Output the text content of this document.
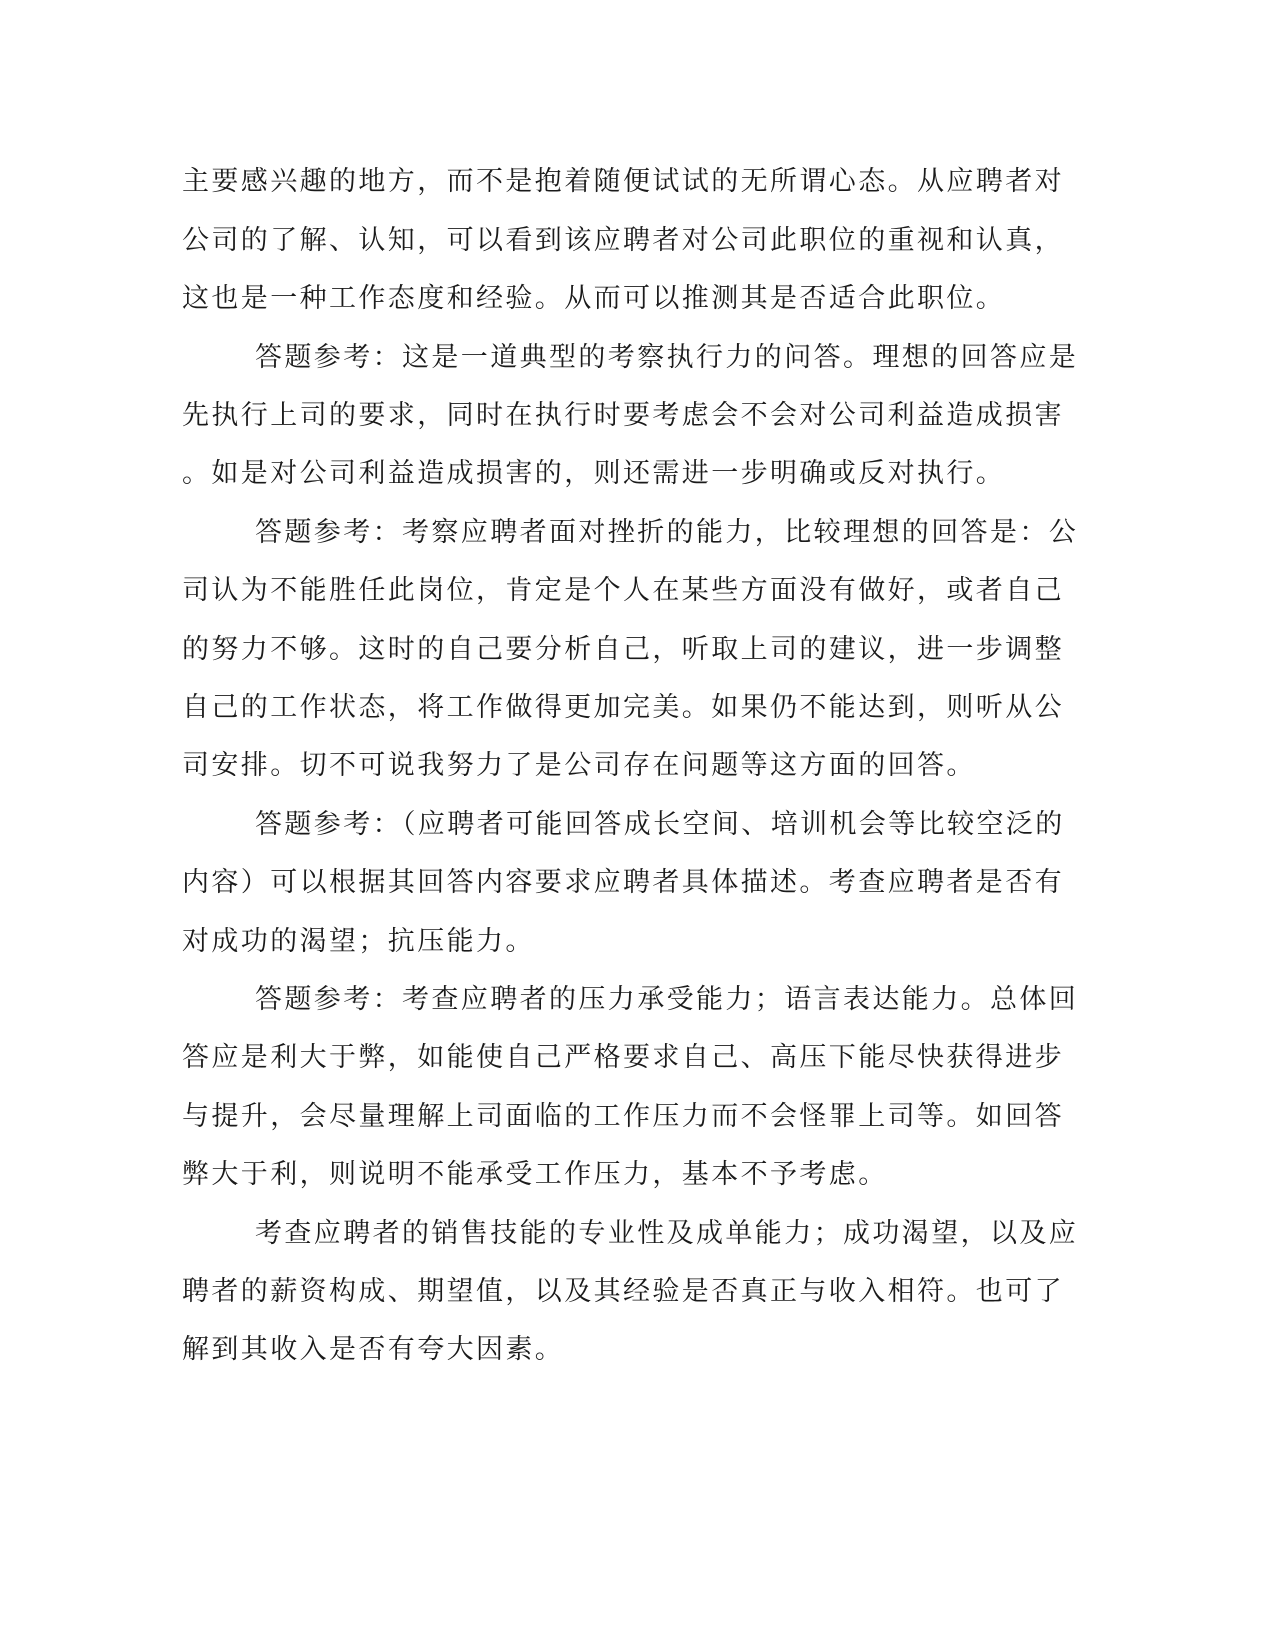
主要感兴趣的地方，而不是抱着随便试试的无所谓心态。从应聘者对
公司的了解、认知，可以看到该应聘者对公司此职位的重视和认真，
这也是一种工作态度和经验。从而可以推测其是否适合此职位。
答题参考：这是一道典型的考察执行力的问答。理想的回答应是
先执行上司的要求，同时在执行时要考虑会不会对公司利益造成损害
。如是对公司利益造成损害的，则还需进一步明确或反对执行。
答题参考：考察应聘者面对挫折的能力，比较理想的回答是：公
司认为不能胜任此岗位，肯定是个人在某些方面没有做好，或者自己
的努力不够。这时的自己要分析自己，听取上司的建议，进一步调整
自己的工作状态，将工作做得更加完美。如果仍不能达到，则听从公
司安排。切不可说我努力了是公司存在问题等这方面的回答。
答题参考：（应聘者可能回答成长空间、培训机会等比较空泛的
内容）可以根据其回答内容要求应聘者具体描述。考查应聘者是否有
对成功的渴望；抗压能力。
答题参考：考查应聘者的压力承受能力；语言表达能力。总体回
答应是利大于弊，如能使自己严格要求自己、高压下能尽快获得进步
与提升，会尽量理解上司面临的工作压力而不会怪罪上司等。如回答
弊大于利，则说明不能承受工作压力，基本不予考虑。
考查应聘者的销售技能的专业性及成单能力；成功渴望，以及应
聘者的薪资构成、期望值，以及其经验是否真正与收入相符。也可了
解到其收入是否有夸大因素。
